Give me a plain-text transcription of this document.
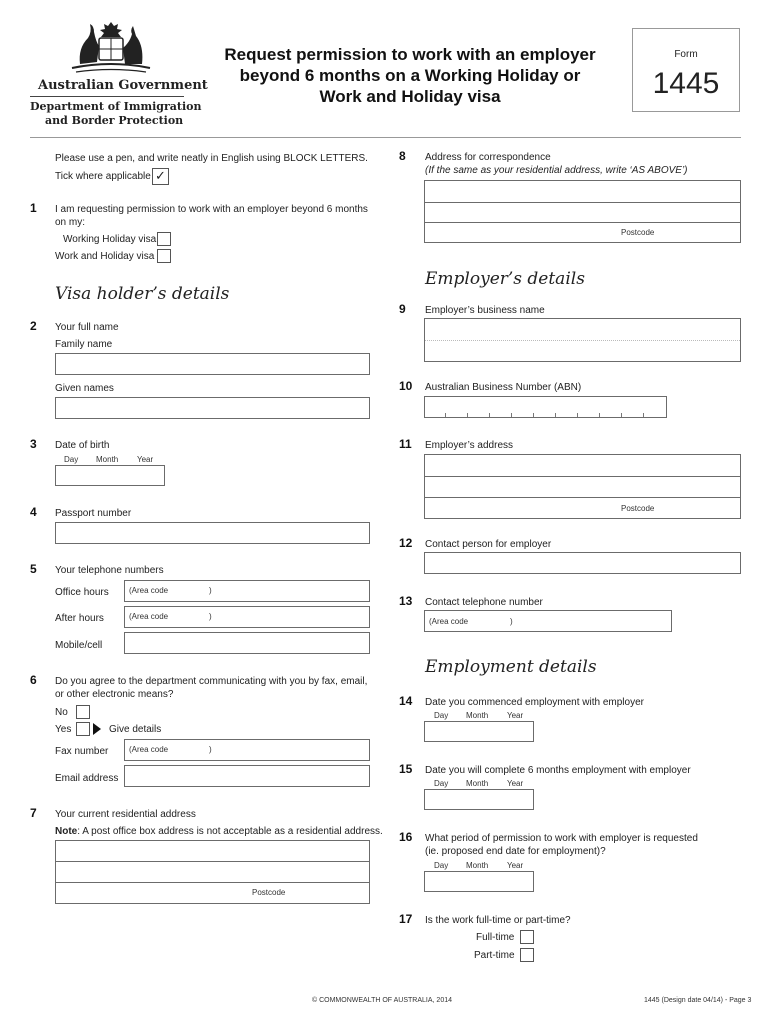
Australian Government
Department of Immigration
and Border Protection
Request permission to work with an employer
beyond 6 months on a Working Holiday or
Work and Holiday visa
Form
1445
Please use a pen, and write neatly in English using BLOCK LETTERS.
Tick where applicable ✓
1 I am requesting permission to work with an employer beyond 6 months
on my:
Working Holiday visa
Work and Holiday visa
Visa holder’s details
2 Your full name
Family name
Given names
3 Date of birth
Day Month Year
4 Passport number
5 Your telephone numbers
Office hours	(Area code	)
After hours	(Area code	)
Mobile/cell
6 Do you agree to the department communicating with you by fax, email,
or other electronic means?
No
Yes	Give details
Fax number	(Area code	)
Email address
7 Your current residential address
Note: A post office box address is not acceptable as a residential address.
Postcode
8 Address for correspondence
(If the same as your residential address, write ‘AS ABOVE’)
Postcode
Employer’s details
9 Employer’s business name
10 Australian Business Number (ABN)
11 Employer’s address
Postcode
12 Contact person for employer
13 Contact telephone number
(Area code	)
Employment details
14 Date you commenced employment with employer
Day Month Year
15 Date you will complete 6 months employment with employer
Day Month Year
16 What period of permission to work with employer is requested
(ie. proposed end date for employment)?
Day Month Year
17 Is the work full-time or part-time?
Full-time
Part-time
© COMMONWEALTH OF AUSTRALIA, 2014	1445 (Design date 04/14) - Page 3
